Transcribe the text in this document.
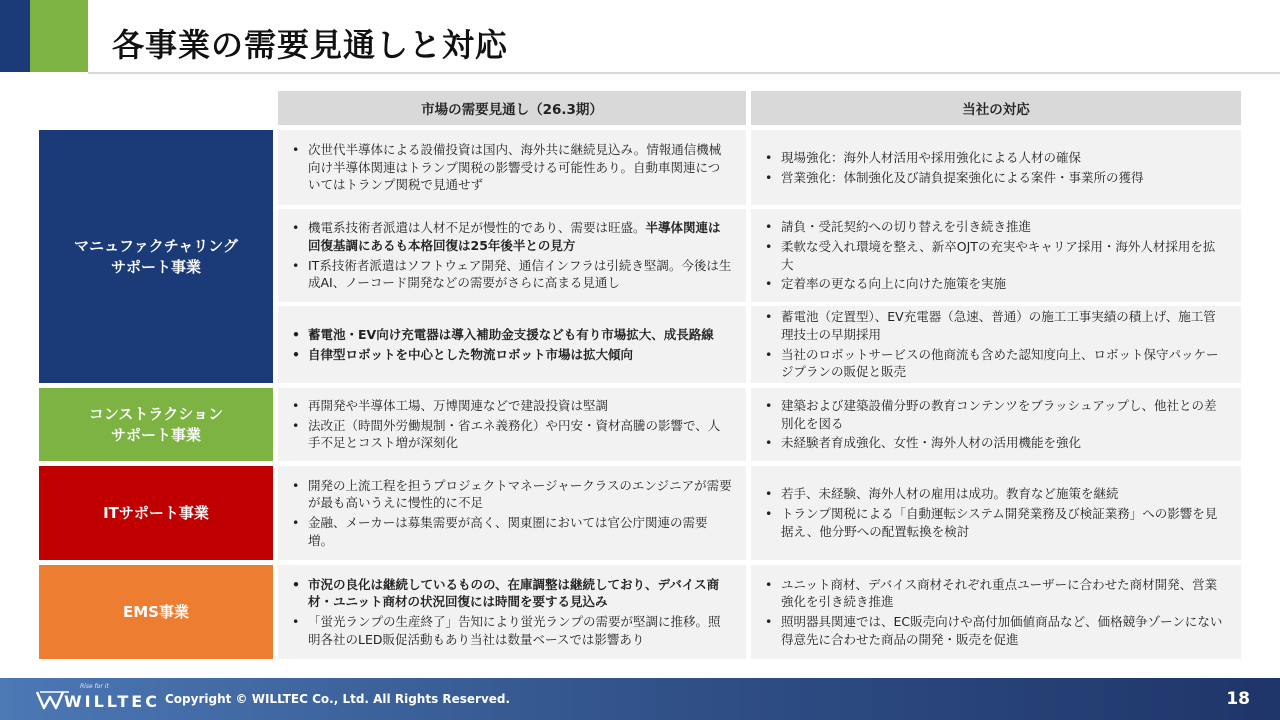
各事業の需要見通しと対応
市場の需要見通し（26.3期）	当社の対応
マニュファクチャリング
サポート事業
コンストラクション
サポート事業
ITサポート事業
EMS事業
• 次世代半導体による設備投資は国内、海外共に継続見込み。情報通信機械向け半導体関連はトランプ関税の影響受ける可能性あり。自動車関連についてはトランプ関税で見通せず
• 現場強化：海外人材活用や採用強化による人材の確保
• 営業強化：体制強化及び請負提案強化による案件・事業所の獲得
• 機電系技術者派遣は人材不足が慢性的であり、需要は旺盛。半導体関連は回復基調にあるも本格回復は25年後半との見方
• IT系技術者派遣はソフトウェア開発、通信インフラは引続き堅調。今後は生成AI、ノーコード開発などの需要がさらに高まる見通し
• 請負・受託契約への切り替えを引き続き推進
• 柔軟な受入れ環境を整え、新卒OJTの充実やキャリア採用・海外人材採用を拡大
• 定着率の更なる向上に向けた施策を実施
• 蓄電池・EV向け充電器は導入補助金支援なども有り市場拡大、成長路線
• 自律型ロボットを中心とした物流ロボット市場は拡大傾向
• 蓄電池（定置型）、EV充電器（急速、普通）の施工工事実績の積上げ、施工管理技士の早期採用
• 当社のロボットサービスの他商流も含めた認知度向上、ロボット保守パッケージプランの販促と販売
• 再開発や半導体工場、万博関連などで建設投資は堅調
• 法改正（時間外労働規制・省エネ義務化）や円安・資材高騰の影響で、人手不足とコスト増が深刻化
• 建築および建築設備分野の教育コンテンツをブラッシュアップし、他社との差別化を図る
• 未経験者育成強化、女性・海外人材の活用機能を強化
• 開発の上流工程を担うプロジェクトマネージャークラスのエンジニアが需要が最も高いうえに慢性的に不足
• 金融、メーカーは募集需要が高く、関東圏においては官公庁関連の需要増。
• 若手、未経験、海外人材の雇用は成功。教育など施策を継続
• トランプ関税による「自動運転システム開発業務及び検証業務」への影響を見据え、他分野への配置転換を検討
• 市況の良化は継続しているものの、在庫調整は継続しており、デバイス商材・ユニット商材の状況回復には時間を要する見込み
• 「蛍光ランプの生産終了」告知により蛍光ランプの需要が堅調に推移。照明各社のLED販促活動もあり当社は数量ベースでは影響あり
• ユニット商材、デバイス商材それぞれ重点ユーザーに合わせた商材開発、営業強化を引き続き推進
• 照明器具関連では、EC販売向けや高付加価値商品など、価格競争ゾーンにない得意先に合わせた商品の開発・販売を促進
Rise for it
WILLTEC Copyright © WILLTEC Co., Ltd. All Rights Reserved.	18
